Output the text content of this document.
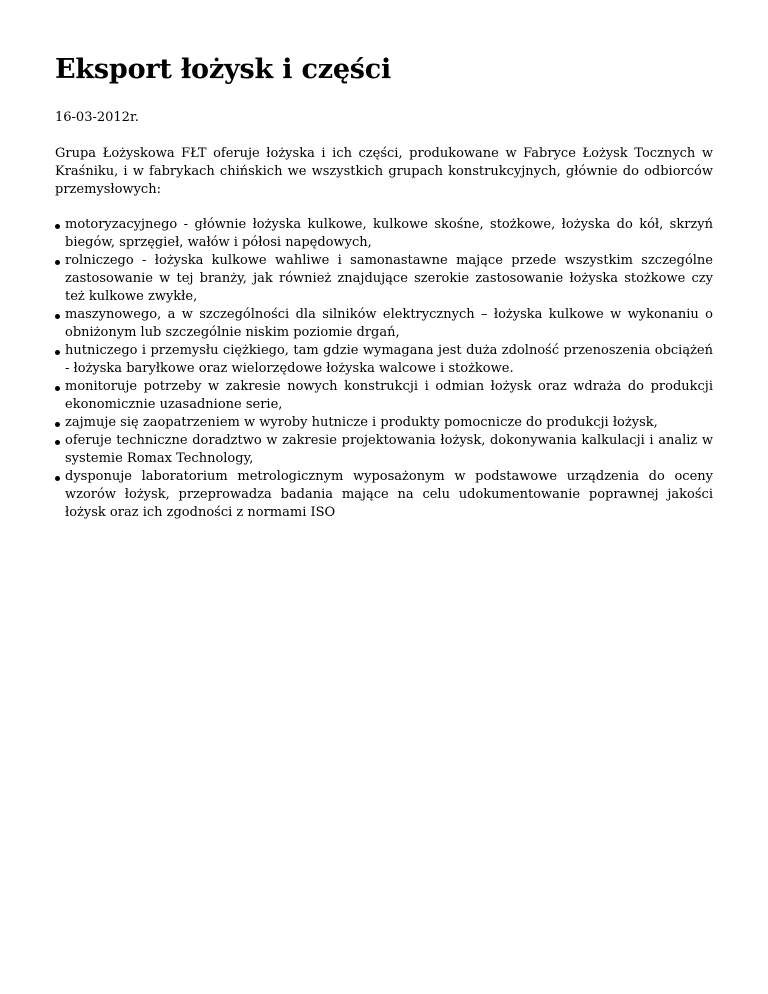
Eksport łożysk i części
16-03-2012r.

Grupa Łożyskowa FŁT oferuje łożyska i ich części, produkowane w Fabryce Łożysk Tocznych w Kraśniku, i w fabrykach chińskich we wszystkich grupach konstrukcyjnych, głównie do odbiorców przemysłowych:

motoryzacyjnego - głównie łożyska kulkowe, kulkowe skośne, stożkowe, łożyska do kół, skrzyń biegów, sprzęgieł, wałów i półosi napędowych,
rolniczego - łożyska kulkowe wahliwe i samonastawne mające przede wszystkim szczególne zastosowanie w tej branży, jak również znajdujące szerokie zastosowanie łożyska stożkowe czy też kulkowe zwykłe,
maszynowego, a w szczególności dla silników elektrycznych – łożyska kulkowe w wykonaniu o obniżonym lub szczególnie niskim poziomie drgań,
hutniczego i przemysłu ciężkiego, tam gdzie wymagana jest duża zdolność przenoszenia obciążeń - łożyska baryłkowe oraz wielorzędowe łożyska walcowe i stożkowe.
monitoruje potrzeby w zakresie nowych konstrukcji i odmian łożysk oraz wdraża do produkcji ekonomicznie uzasadnione serie,
zajmuje się zaopatrzeniem w wyroby hutnicze i produkty pomocnicze do produkcji łożysk,
oferuje techniczne doradztwo w zakresie projektowania łożysk, dokonywania kalkulacji i analiz w systemie Romax Technology,
dysponuje laboratorium metrologicznym wyposażonym w podstawowe urządzenia do oceny wzorów łożysk, przeprowadza badania mające na celu udokumentowanie poprawnej jakości łożysk oraz ich zgodności z normami ISO
